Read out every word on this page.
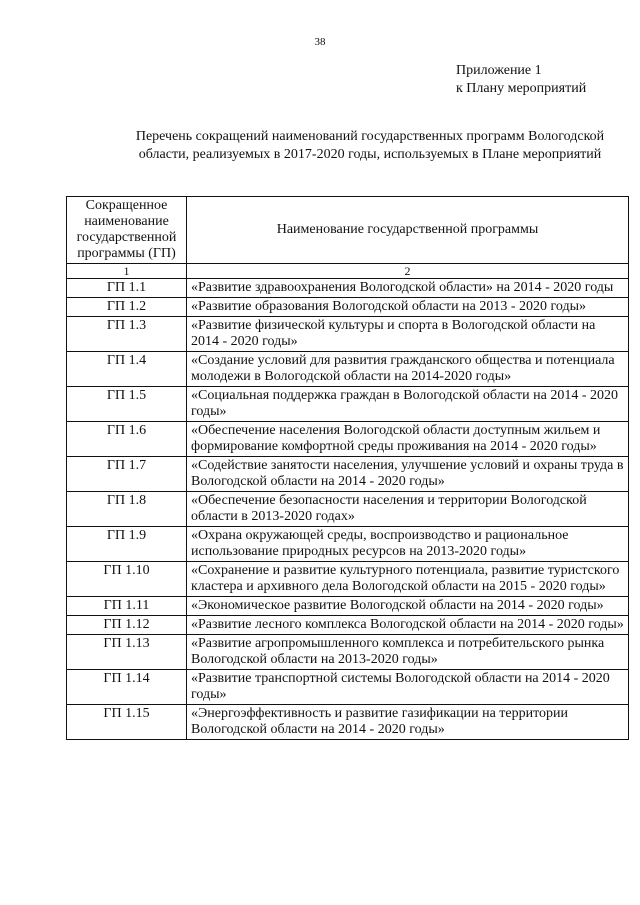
38
Приложение 1
к Плану мероприятий
Перечень сокращений наименований государственных программ Вологодской
области, реализуемых в 2017-2020 годы, используемых в Плане мероприятий
Сокращенное наименование государственной программы (ГП)	Наименование государственной программы
1	2
ГП 1.1	«Развитие здравоохранения Вологодской области» на 2014 - 2020 годы
ГП 1.2	«Развитие образования Вологодской области на 2013 - 2020 годы»
ГП 1.3	«Развитие физической культуры и спорта в Вологодской области на 2014 - 2020 годы»
ГП 1.4	«Создание условий для развития гражданского общества и потенциала молодежи в Вологодской области на 2014-2020 годы»
ГП 1.5	«Социальная поддержка граждан в Вологодской области на 2014 - 2020 годы»
ГП 1.6	«Обеспечение населения Вологодской области доступным жильем и формирование комфортной среды проживания на 2014 - 2020 годы»
ГП 1.7	«Содействие занятости населения, улучшение условий и охраны труда в Вологодской области на 2014 - 2020 годы»
ГП 1.8	«Обеспечение безопасности населения и территории Вологодской области в 2013-2020 годах»
ГП 1.9	«Охрана окружающей среды, воспроизводство и рациональное использование природных ресурсов на 2013-2020 годы»
ГП 1.10	«Сохранение и развитие культурного потенциала, развитие туристского кластера и архивного дела Вологодской области на 2015 - 2020 годы»
ГП 1.11	«Экономическое развитие Вологодской области на 2014 - 2020 годы»
ГП 1.12	«Развитие лесного комплекса Вологодской области на 2014 - 2020 годы»
ГП 1.13	«Развитие агропромышленного комплекса и потребительского рынка Вологодской области на 2013-2020 годы»
ГП 1.14	«Развитие транспортной системы Вологодской области на 2014 - 2020 годы»
ГП 1.15	«Энергоэффективность и развитие газификации на территории Вологодской области на 2014 - 2020 годы»
